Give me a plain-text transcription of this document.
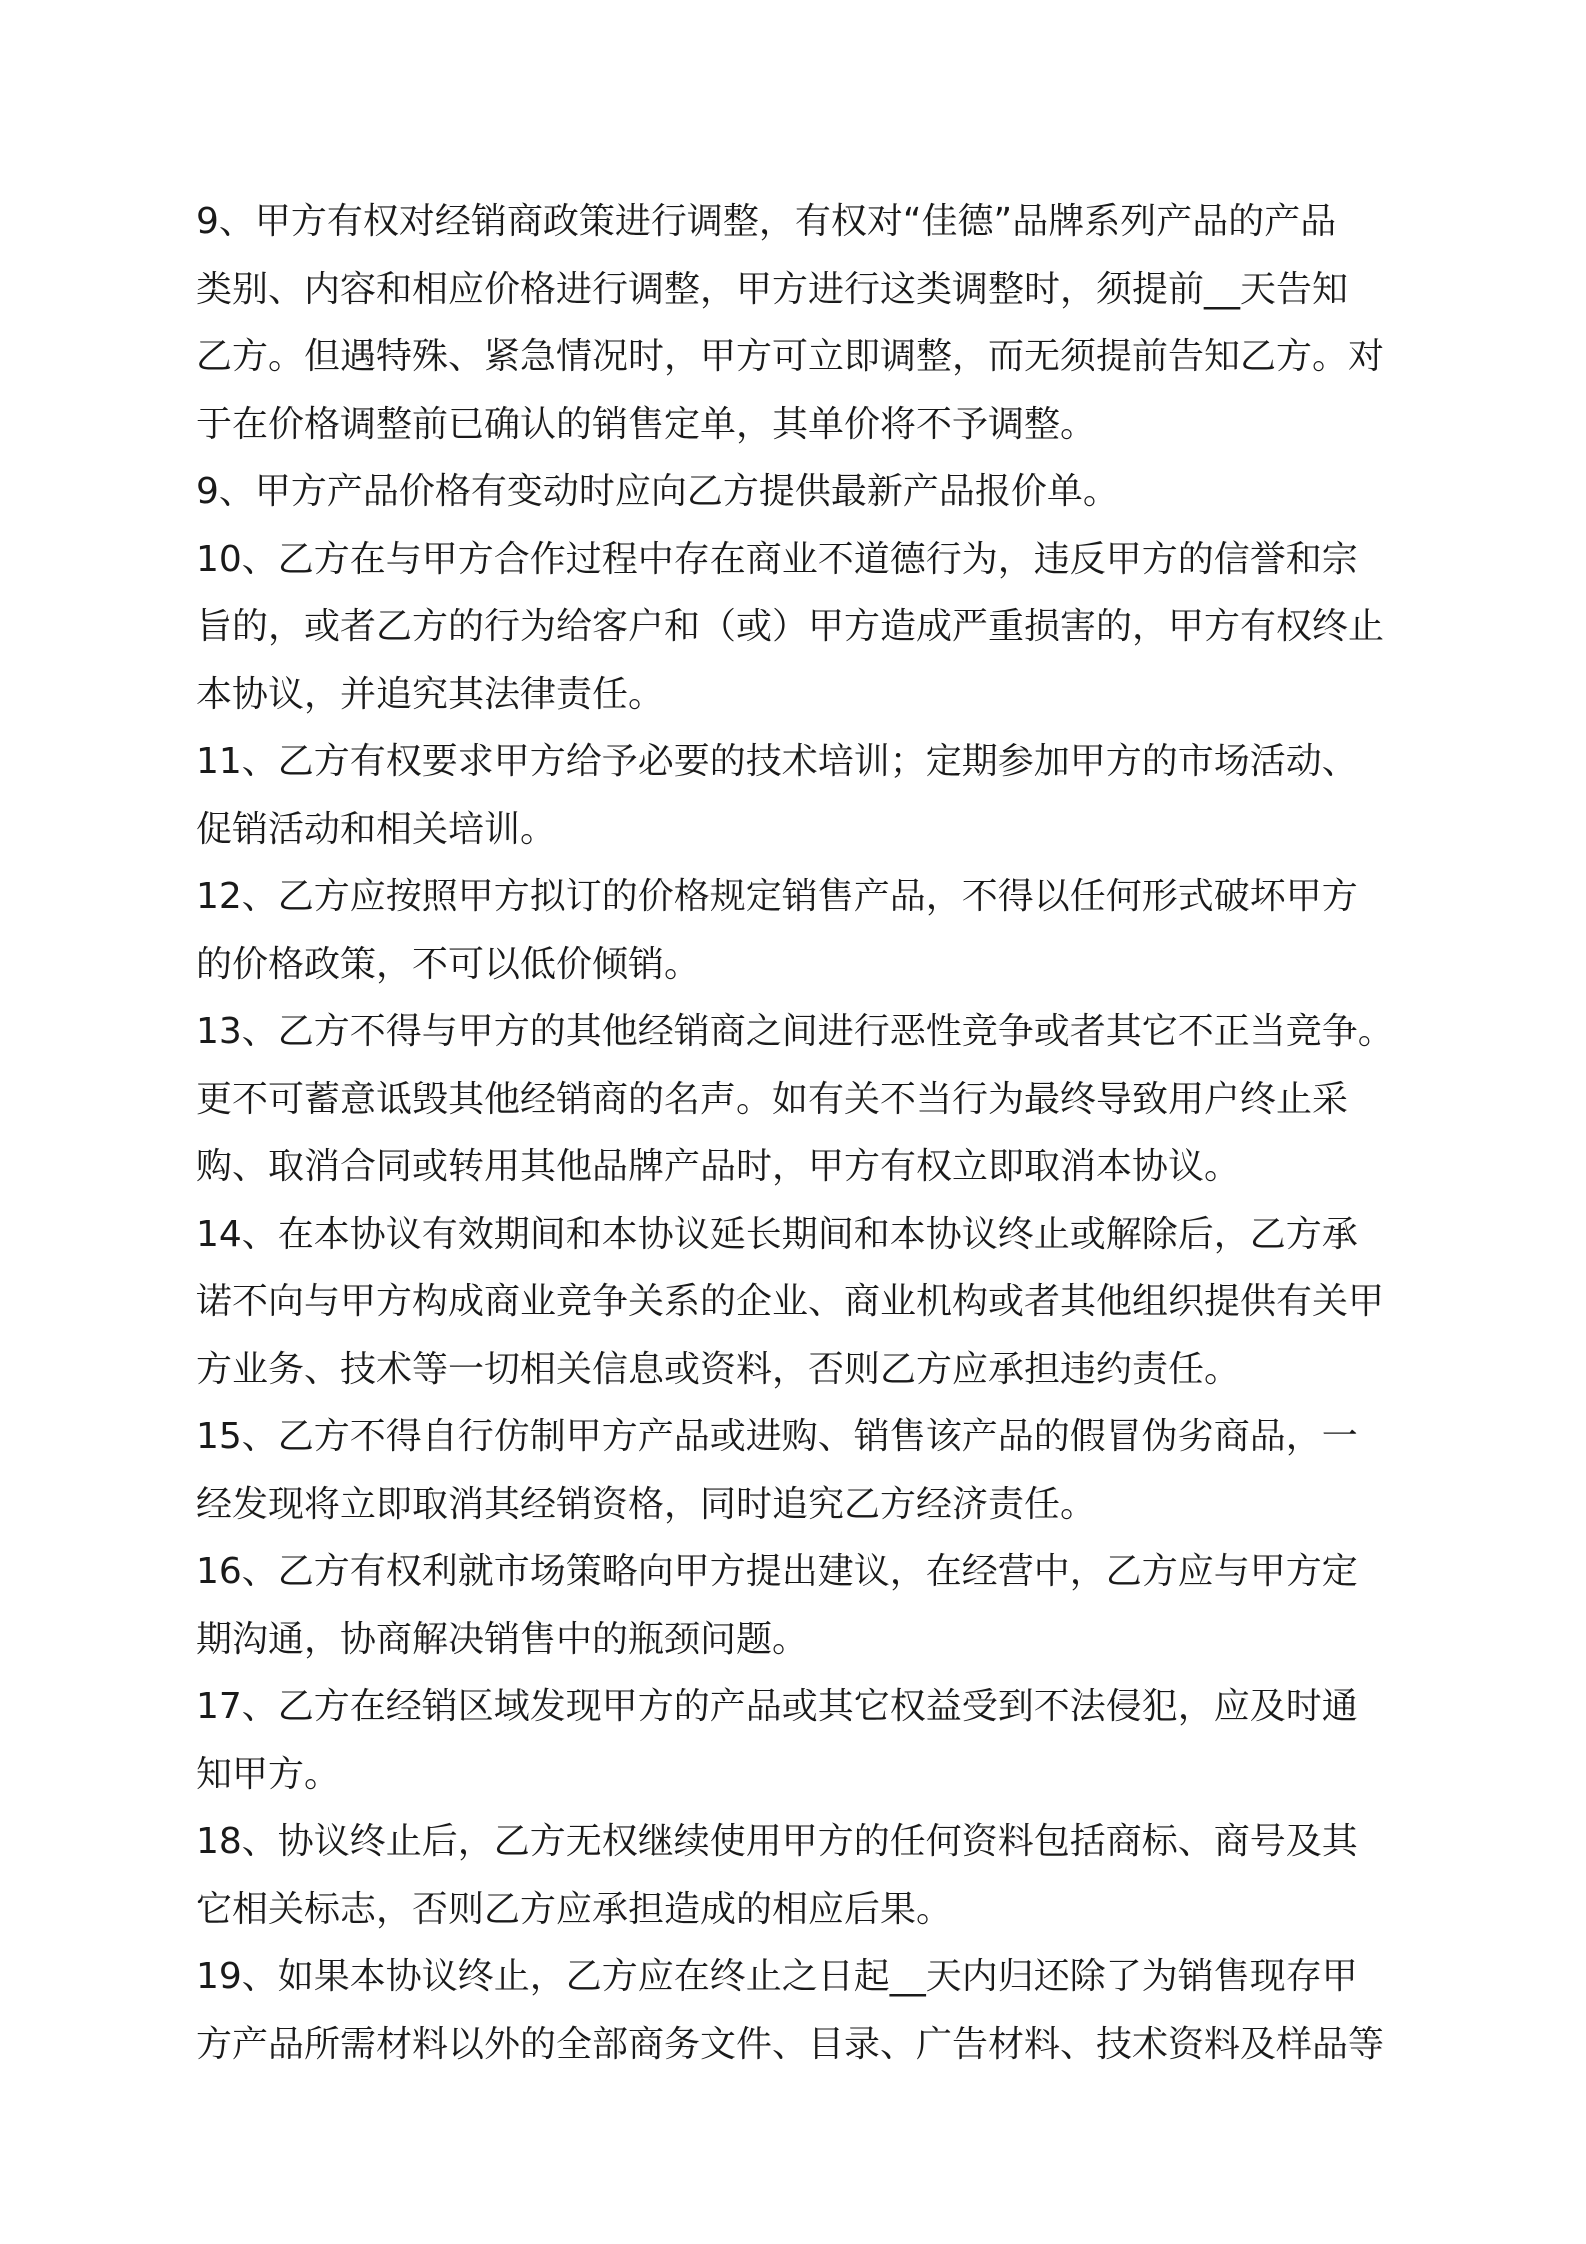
9、甲方有权对经销商政策进行调整，有权对“佳德”品牌系列产品的产品
类别、内容和相应价格进行调整，甲方进行这类调整时，须提前__天告知
乙方。但遇特殊、紧急情况时，甲方可立即调整，而无须提前告知乙方。对
于在价格调整前已确认的销售定单，其单价将不予调整。

9、甲方产品价格有变动时应向乙方提供最新产品报价单。

10、乙方在与甲方合作过程中存在商业不道德行为，违反甲方的信誉和宗
旨的，或者乙方的行为给客户和（或）甲方造成严重损害的，甲方有权终止
本协议，并追究其法律责任。

11、乙方有权要求甲方给予必要的技术培训；定期参加甲方的市场活动、
促销活动和相关培训。

12、乙方应按照甲方拟订的价格规定销售产品，不得以任何形式破坏甲方
的价格政策，不可以低价倾销。

13、乙方不得与甲方的其他经销商之间进行恶性竞争或者其它不正当竞争。
更不可蓄意诋毁其他经销商的名声。如有关不当行为最终导致用户终止采
购、取消合同或转用其他品牌产品时，甲方有权立即取消本协议。

14、在本协议有效期间和本协议延长期间和本协议终止或解除后，乙方承
诺不向与甲方构成商业竞争关系的企业、商业机构或者其他组织提供有关甲
方业务、技术等一切相关信息或资料，否则乙方应承担违约责任。

15、乙方不得自行仿制甲方产品或进购、销售该产品的假冒伪劣商品，一
经发现将立即取消其经销资格，同时追究乙方经济责任。

16、乙方有权利就市场策略向甲方提出建议，在经营中，乙方应与甲方定
期沟通，协商解决销售中的瓶颈问题。

17、乙方在经销区域发现甲方的产品或其它权益受到不法侵犯，应及时通
知甲方。

18、协议终止后，乙方无权继续使用甲方的任何资料包括商标、商号及其
它相关标志，否则乙方应承担造成的相应后果。

19、如果本协议终止，乙方应在终止之日起__天内归还除了为销售现存甲
方产品所需材料以外的全部商务文件、目录、广告材料、技术资料及样品等
